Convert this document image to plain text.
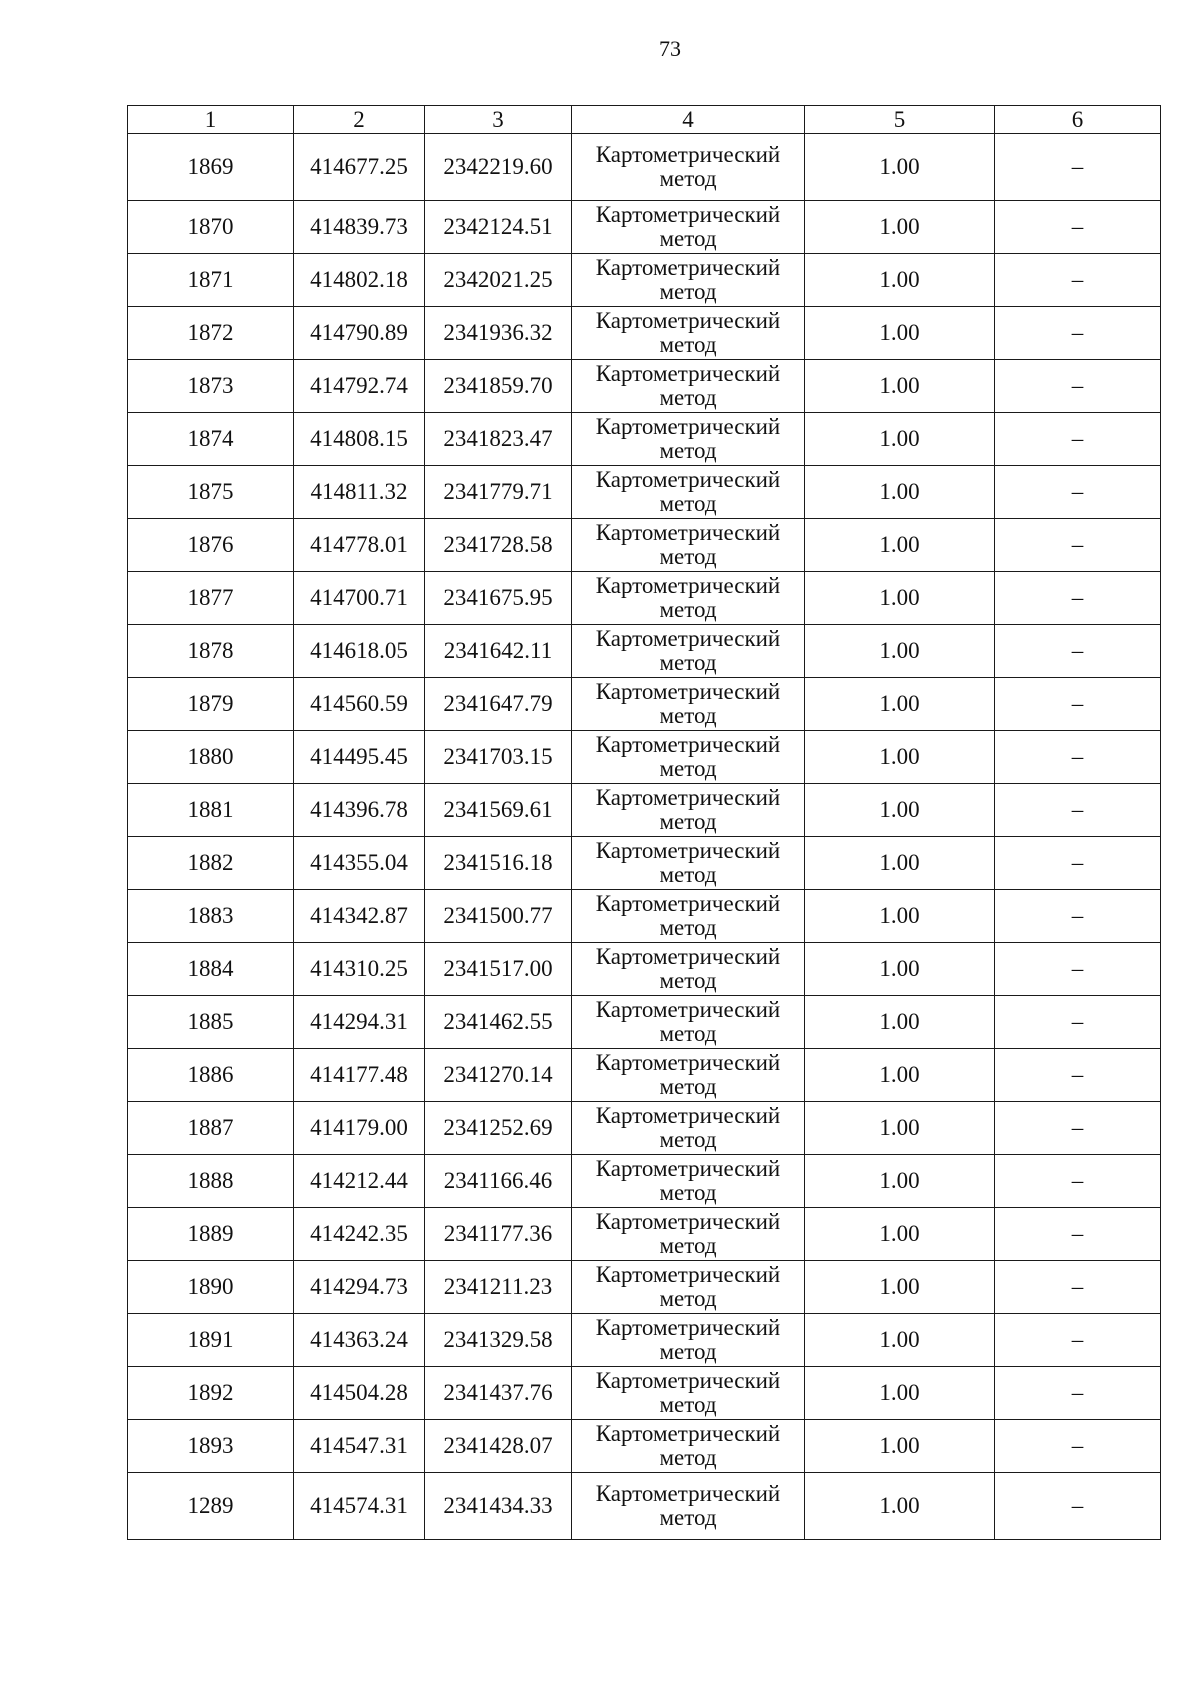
73
1	2	3	4	5	6
1869	414677.25	2342219.60	Картометрический метод	1.00	–
1870	414839.73	2342124.51	Картометрический метод	1.00	–
1871	414802.18	2342021.25	Картометрический метод	1.00	–
1872	414790.89	2341936.32	Картометрический метод	1.00	–
1873	414792.74	2341859.70	Картометрический метод	1.00	–
1874	414808.15	2341823.47	Картометрический метод	1.00	–
1875	414811.32	2341779.71	Картометрический метод	1.00	–
1876	414778.01	2341728.58	Картометрический метод	1.00	–
1877	414700.71	2341675.95	Картометрический метод	1.00	–
1878	414618.05	2341642.11	Картометрический метод	1.00	–
1879	414560.59	2341647.79	Картометрический метод	1.00	–
1880	414495.45	2341703.15	Картометрический метод	1.00	–
1881	414396.78	2341569.61	Картометрический метод	1.00	–
1882	414355.04	2341516.18	Картометрический метод	1.00	–
1883	414342.87	2341500.77	Картометрический метод	1.00	–
1884	414310.25	2341517.00	Картометрический метод	1.00	–
1885	414294.31	2341462.55	Картометрический метод	1.00	–
1886	414177.48	2341270.14	Картометрический метод	1.00	–
1887	414179.00	2341252.69	Картометрический метод	1.00	–
1888	414212.44	2341166.46	Картометрический метод	1.00	–
1889	414242.35	2341177.36	Картометрический метод	1.00	–
1890	414294.73	2341211.23	Картометрический метод	1.00	–
1891	414363.24	2341329.58	Картометрический метод	1.00	–
1892	414504.28	2341437.76	Картометрический метод	1.00	–
1893	414547.31	2341428.07	Картометрический метод	1.00	–
1289	414574.31	2341434.33	Картометрический метод	1.00	–
